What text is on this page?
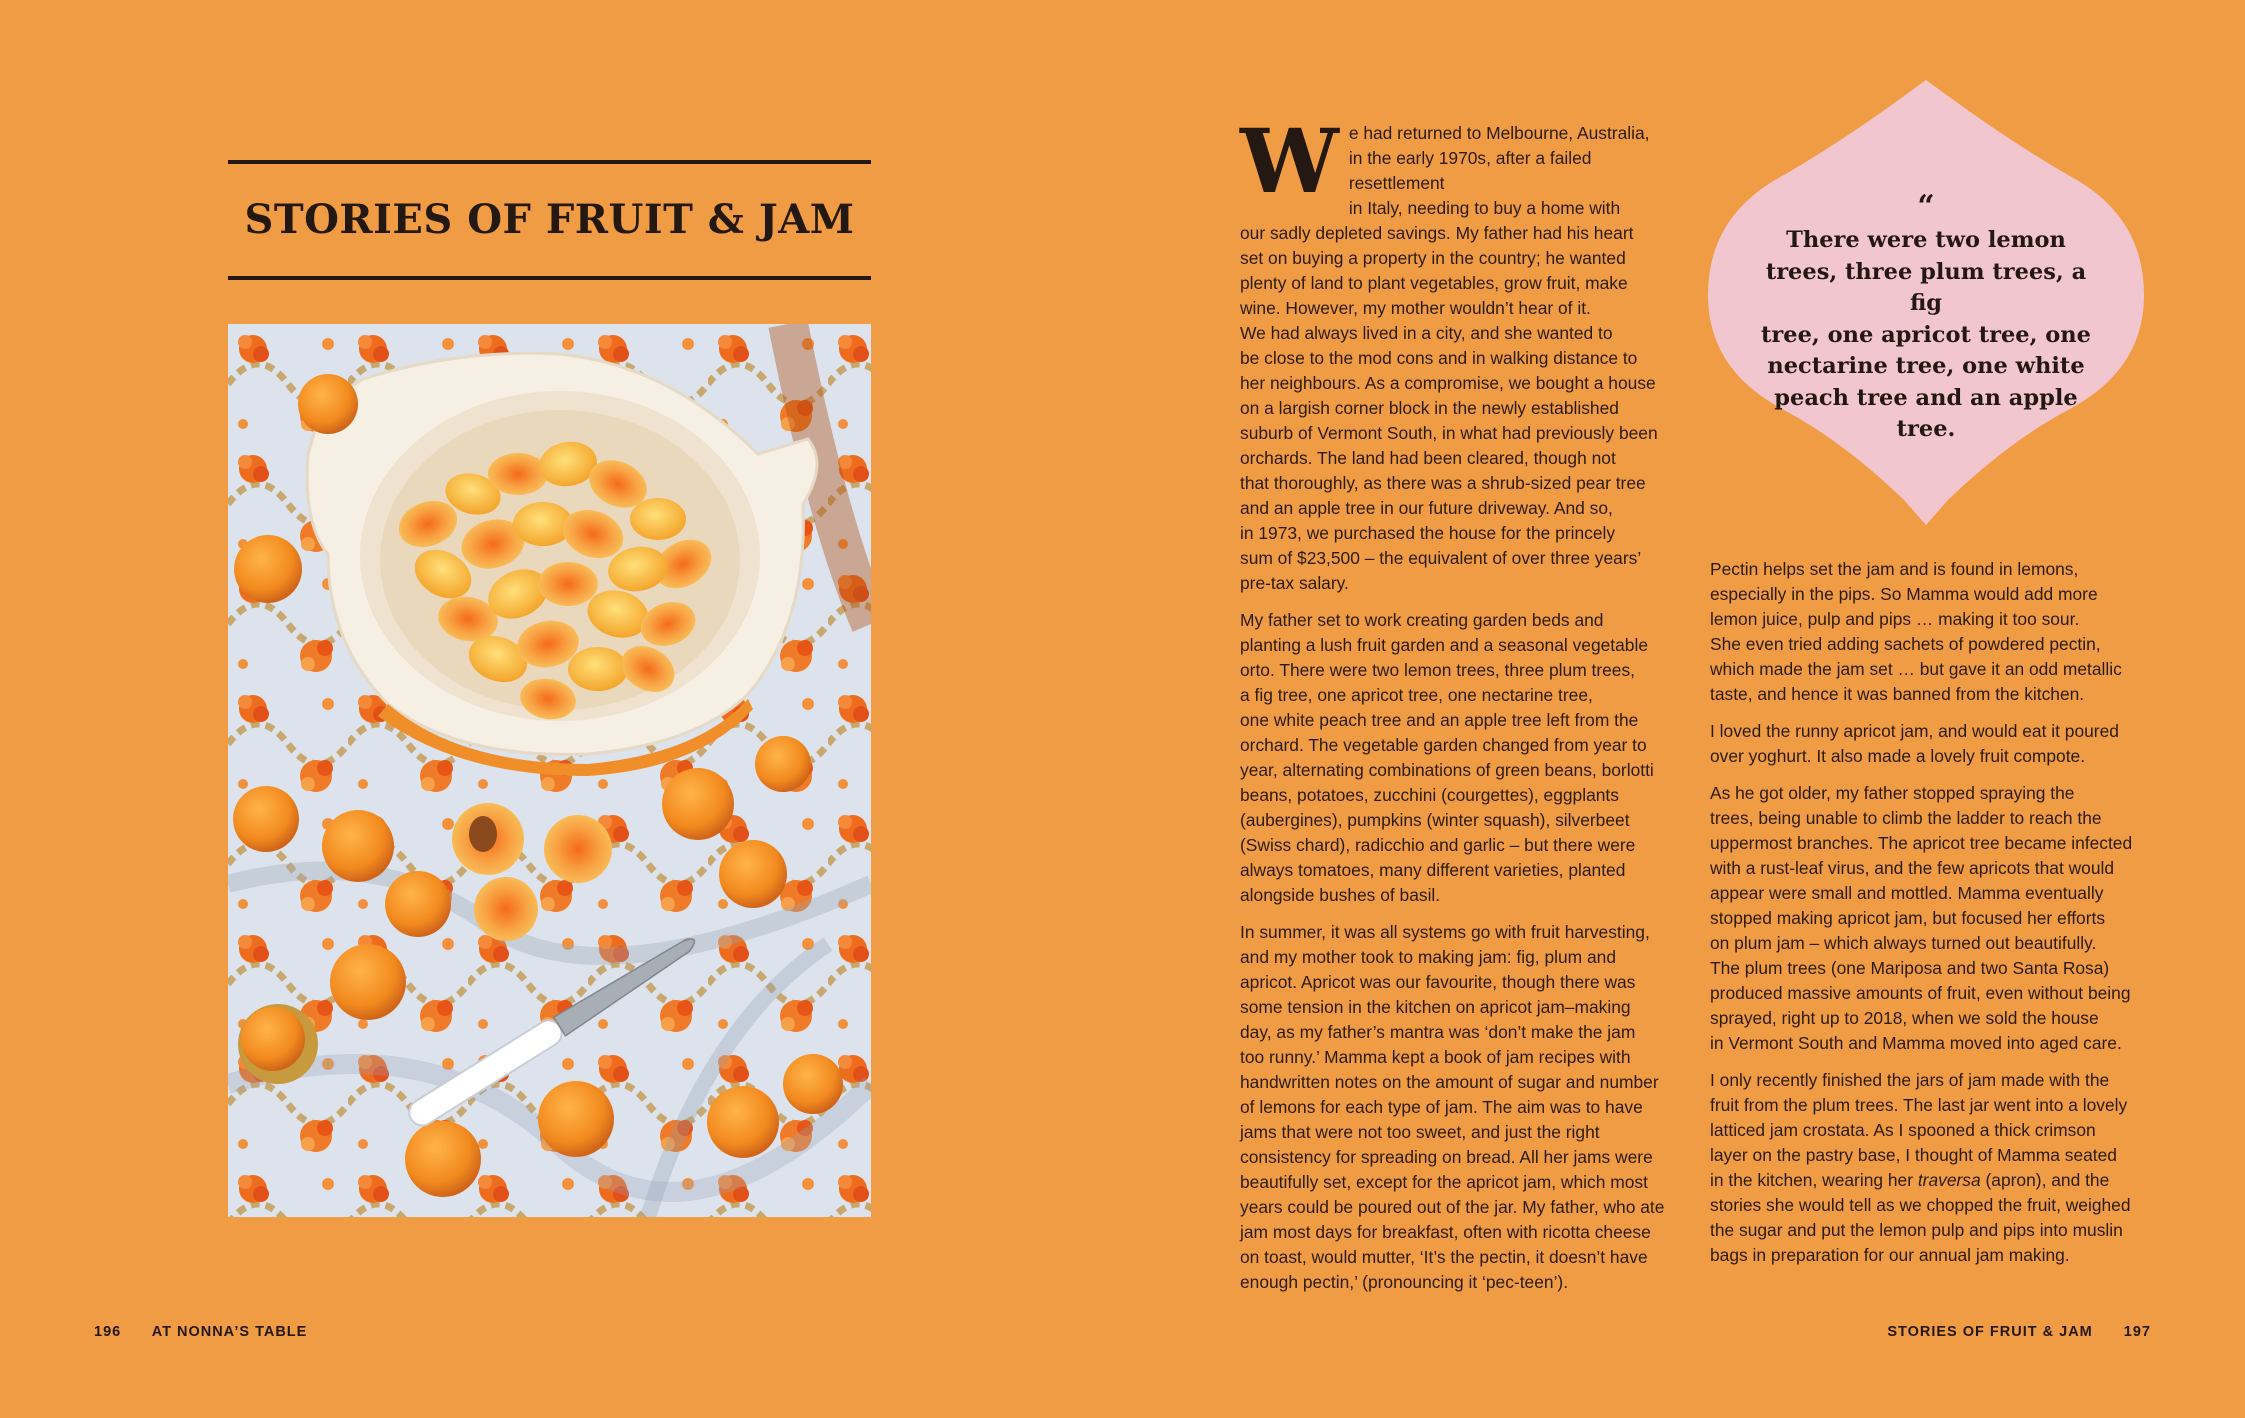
STORIES OF FRUIT & JAM
196 AT NONNA’S TABLE
W e had returned to Melbourne, Australia,
in the early 1970s, after a failed resettlement
in Italy, needing to buy a home with
our sadly depleted savings. My father had his heart
set on buying a property in the country; he wanted
plenty of land to plant vegetables, grow fruit, make
wine. However, my mother wouldn’t hear of it.
We had always lived in a city, and she wanted to
be close to the mod cons and in walking distance to
her neighbours. As a compromise, we bought a house
on a largish corner block in the newly established
suburb of Vermont South, in what had previously been
orchards. The land had been cleared, though not
that thoroughly, as there was a shrub-sized pear tree
and an apple tree in our future driveway. And so,
in 1973, we purchased the house for the princely
sum of $23,500 – the equivalent of over three years’
pre-tax salary.

My father set to work creating garden beds and
planting a lush fruit garden and a seasonal vegetable
orto. There were two lemon trees, three plum trees,
a fig tree, one apricot tree, one nectarine tree,
one white peach tree and an apple tree left from the
orchard. The vegetable garden changed from year to
year, alternating combinations of green beans, borlotti
beans, potatoes, zucchini (courgettes), eggplants
(aubergines), pumpkins (winter squash), silverbeet
(Swiss chard), radicchio and garlic – but there were
always tomatoes, many different varieties, planted
alongside bushes of basil.

In summer, it was all systems go with fruit harvesting,
and my mother took to making jam: fig, plum and
apricot. Apricot was our favourite, though there was
some tension in the kitchen on apricot jam–making
day, as my father’s mantra was ‘don’t make the jam
too runny.’ Mamma kept a book of jam recipes with
handwritten notes on the amount of sugar and number
of lemons for each type of jam. The aim was to have
jams that were not too sweet, and just the right
consistency for spreading on bread. All her jams were
beautifully set, except for the apricot jam, which most
years could be poured out of the jar. My father, who ate
jam most days for breakfast, often with ricotta cheese
on toast, would mutter, ‘It’s the pectin, it doesn’t have
enough pectin,’ (pronouncing it ‘pec-teen’).

“
There were two lemon
trees, three plum trees, a fig
tree, one apricot tree, one
nectarine tree, one white
peach tree and an apple tree.

Pectin helps set the jam and is found in lemons,
especially in the pips. So Mamma would add more
lemon juice, pulp and pips … making it too sour.
She even tried adding sachets of powdered pectin,
which made the jam set … but gave it an odd metallic
taste, and hence it was banned from the kitchen.

I loved the runny apricot jam, and would eat it poured
over yoghurt. It also made a lovely fruit compote.

As he got older, my father stopped spraying the
trees, being unable to climb the ladder to reach the
uppermost branches. The apricot tree became infected
with a rust-leaf virus, and the few apricots that would
appear were small and mottled. Mamma eventually
stopped making apricot jam, but focused her efforts
on plum jam – which always turned out beautifully.
The plum trees (one Mariposa and two Santa Rosa)
produced massive amounts of fruit, even without being
sprayed, right up to 2018, when we sold the house
in Vermont South and Mamma moved into aged care.

I only recently finished the jars of jam made with the
fruit from the plum trees. The last jar went into a lovely
latticed jam crostata. As I spooned a thick crimson
layer on the pastry base, I thought of Mamma seated
in the kitchen, wearing her traversa (apron), and the
stories she would tell as we chopped the fruit, weighed
the sugar and put the lemon pulp and pips into muslin
bags in preparation for our annual jam making.

STORIES OF FRUIT & JAM 197
